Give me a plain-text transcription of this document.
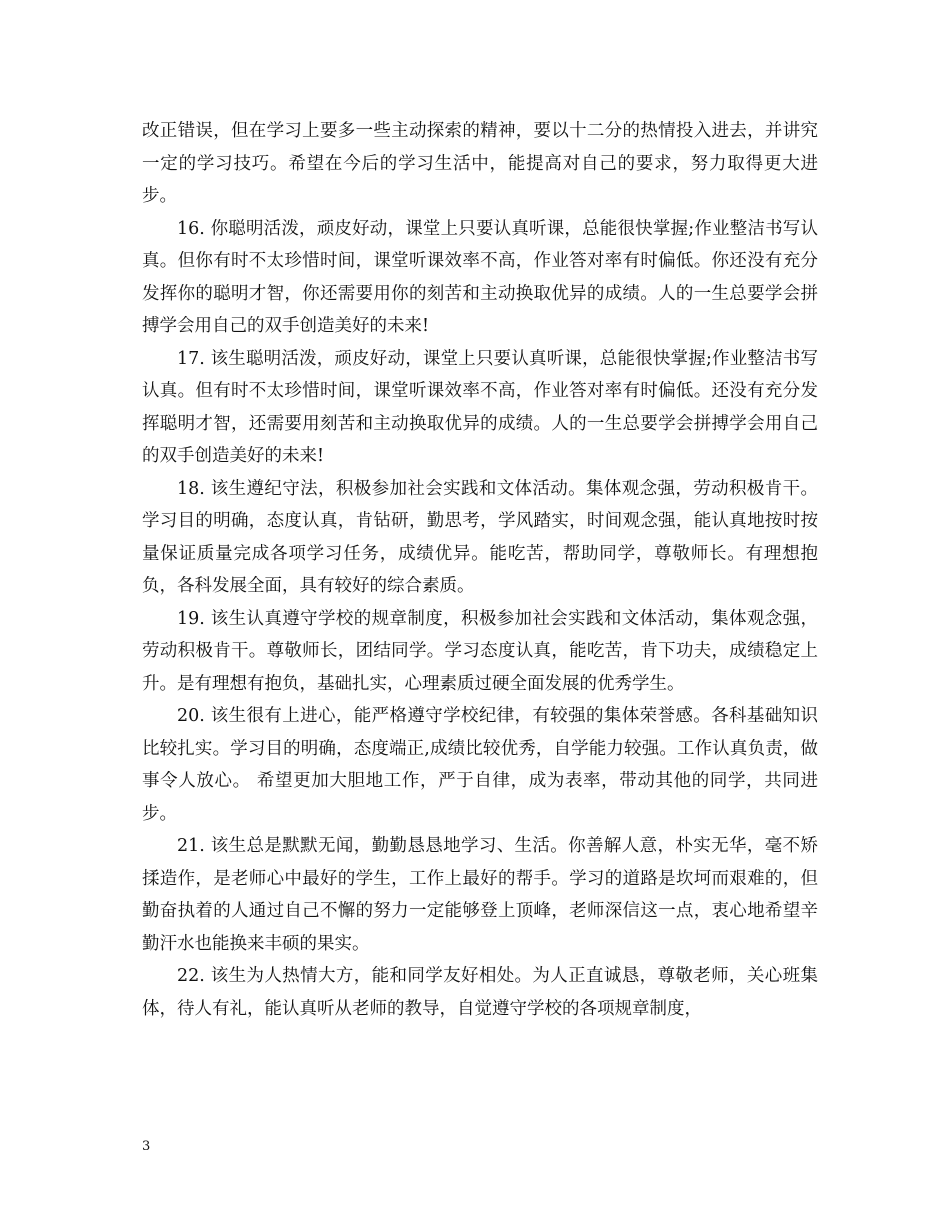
改正错误，但在学习上要多一些主动探索的精神，要以十二分的热情投入进去，并讲究一定的学习技巧。希望在今后的学习生活中，能提高对自己的要求，努力取得更大进步。

16. 你聪明活泼，顽皮好动，课堂上只要认真听课，总能很快掌握;作业整洁书写认真。但你有时不太珍惜时间，课堂听课效率不高，作业答对率有时偏低。你还没有充分发挥你的聪明才智，你还需要用你的刻苦和主动换取优异的成绩。人的一生总要学会拼搏学会用自己的双手创造美好的未来!

17. 该生聪明活泼，顽皮好动，课堂上只要认真听课，总能很快掌握;作业整洁书写认真。但有时不太珍惜时间，课堂听课效率不高，作业答对率有时偏低。还没有充分发挥聪明才智，还需要用刻苦和主动换取优异的成绩。人的一生总要学会拼搏学会用自己的双手创造美好的未来!

18. 该生遵纪守法，积极参加社会实践和文体活动。集体观念强，劳动积极肯干。学习目的明确，态度认真，肯钻研，勤思考，学风踏实，时间观念强，能认真地按时按量保证质量完成各项学习任务，成绩优异。能吃苦，帮助同学，尊敬师长。有理想抱负，各科发展全面，具有较好的综合素质。

19. 该生认真遵守学校的规章制度，积极参加社会实践和文体活动，集体观念强，劳动积极肯干。尊敬师长，团结同学。学习态度认真，能吃苦，肯下功夫，成绩稳定上升。是有理想有抱负，基础扎实，心理素质过硬全面发展的优秀学生。

20. 该生很有上进心，能严格遵守学校纪律，有较强的集体荣誉感。各科基础知识比较扎实。学习目的明确，态度端正,成绩比较优秀，自学能力较强。工作认真负责，做事令人放心。 希望更加大胆地工作，严于自律，成为表率，带动其他的同学，共同进步。

21. 该生总是默默无闻，勤勤恳恳地学习、生活。你善解人意，朴实无华，毫不矫揉造作，是老师心中最好的学生，工作上最好的帮手。学习的道路是坎坷而艰难的，但勤奋执着的人通过自己不懈的努力一定能够登上顶峰，老师深信这一点，衷心地希望辛勤汗水也能换来丰硕的果实。

22. 该生为人热情大方，能和同学友好相处。为人正直诚恳，尊敬老师，关心班集体，待人有礼，能认真听从老师的教导，自觉遵守学校的各项规章制度，

3
